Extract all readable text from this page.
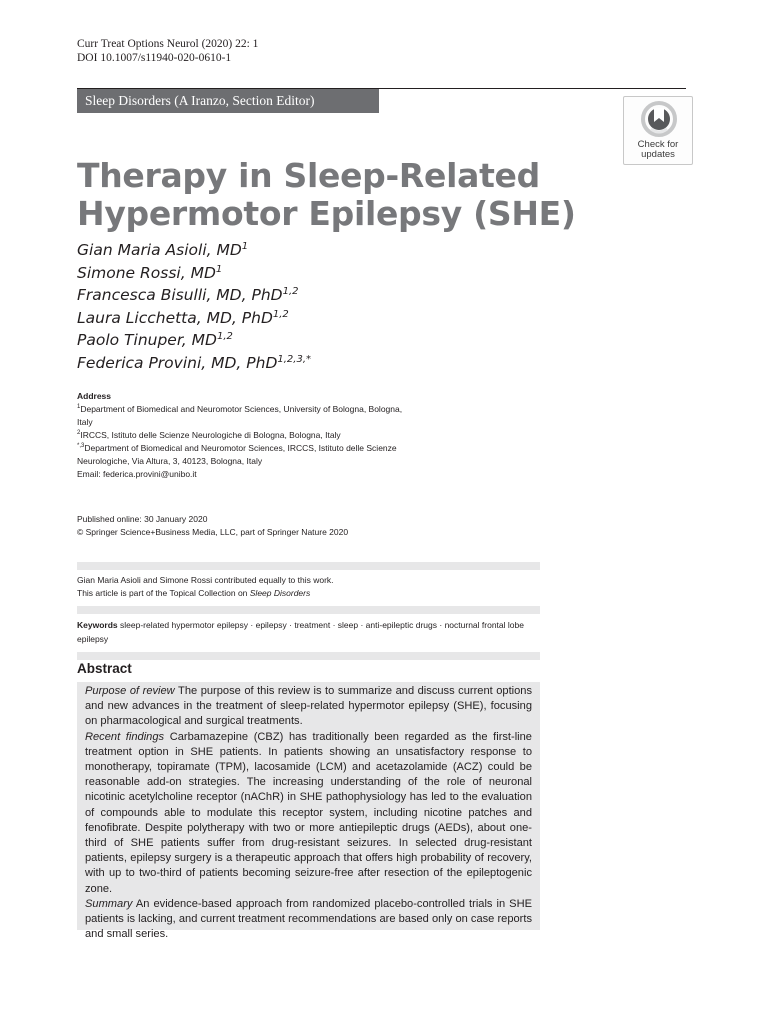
Curr Treat Options Neurol (2020) 22: 1
DOI 10.1007/s11940-020-0610-1
Sleep Disorders (A Iranzo, Section Editor)
Check for
updates
Therapy in Sleep-Related
Hypermotor Epilepsy (SHE)
Gian Maria Asioli, $MD^1$
Simone Rossi, $MD^1$
Francesca Bisulli, MD, PhD$^{1,2}$
Laura Licchetta, MD, PhD$^{1,2}$
Paolo Tinuper, MD$^{1,2}$
Federica Provini, MD, PhD$^{1,2,3,*}$
Address
$^1$Department of Biomedical and Neuromotor Sciences, University of Bologna, Bologna, Italy
$^2$IRCCS, Istituto delle Scienze Neurologiche di Bologna, Bologna, Italy
$^{*,3}$Department of Biomedical and Neuromotor Sciences, IRCCS, Istituto delle Scienze Neurologiche, Via Altura, 3, 40123, Bologna, Italy
Email: federica.provini@unibo.it
Published online: 30 January 2020
© Springer Science+Business Media, LLC, part of Springer Nature 2020
Gian Maria Asioli and Simone Rossi contributed equally to this work.
This article is part of the Topical Collection on Sleep Disorders
Keywords sleep-related hypermotor epilepsy · epilepsy · treatment · sleep · anti-epileptic drugs · nocturnal frontal lobe epilepsy
Abstract

Purpose of review The purpose of this review is to summarize and discuss current options and new advances in the treatment of sleep-related hypermotor epilepsy (SHE), focusing on pharmacological and surgical treatments.

Recent findings Carbamazepine (CBZ) has traditionally been regarded as the first-line treatment option in SHE patients. In patients showing an unsatisfactory response to monotherapy, topiramate (TPM), lacosamide (LCM) and acetazolamide (ACZ) could be reasonable add-on strategies. The increasing understanding of the role of neuronal nicotinic acetylcholine receptor (nAChR) in SHE pathophysiology has led to the evaluation of compounds able to modulate this receptor system, including nicotine patches and fenofibrate. Despite polytherapy with two or more antiepileptic drugs (AEDs), about one-third of SHE patients suffer from drug-resistant seizures. In selected drug-resistant patients, epilepsy surgery is a therapeutic approach that offers high probability of recovery, with up to two-third of patients becoming seizure-free after resection of the epileptogenic zone.

Summary An evidence-based approach from randomized placebo-controlled trials in SHE patients is lacking, and current treatment recommendations are based only on case reports and small series.
